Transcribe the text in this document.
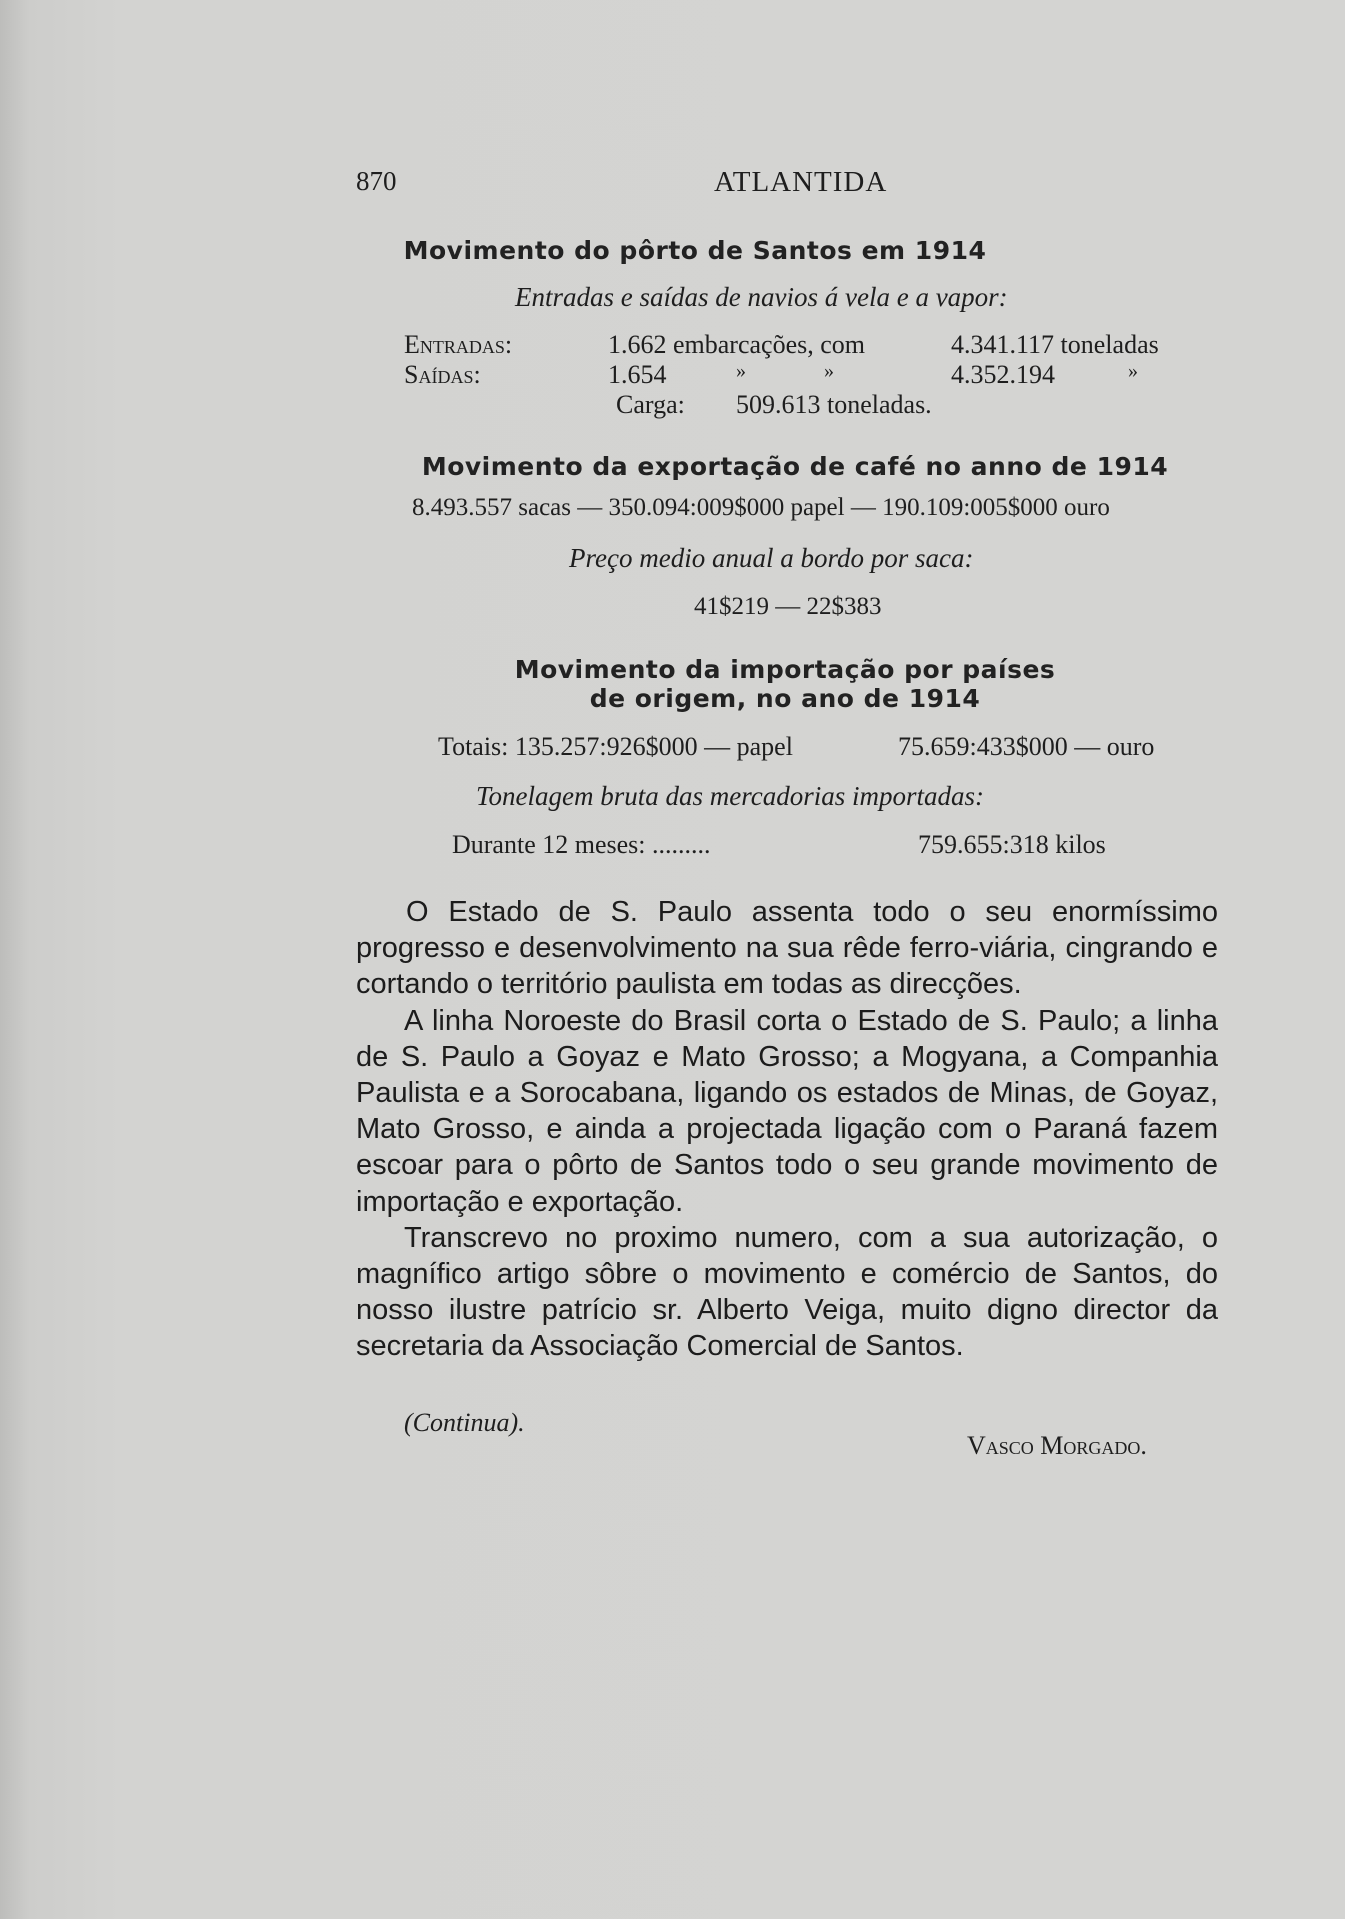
870	ATLANTIDA
Movimento do pôrto de Santos em 1914
Entradas e saídas de navios á vela e a vapor:
Entradas:	1.662 embarcações, com	4.341.117 toneladas
Saídas:	1.654	»	»	4.352.194	»
Carga: 509.613 toneladas.
Movimento da exportação de café no anno de 1914
8.493.557 sacas — 350.094:009$000 papel — 190.109:005$000 ouro
Preço medio anual a bordo por saca:
41$219 — 22$383
Movimento da importação por países
de origem, no ano de 1914
Totais: 135.257:926$000 — papel	75.659:433$000 — ouro
Tonelagem bruta das mercadorias importadas:
Durante 12 meses: .........	759.655:318 kilos

O Estado de S. Paulo assenta todo o seu enormíssimo progresso e desenvolvimento na sua rêde ferro-viária, cingrando e cortando o território paulista em todas as direcções.

A linha Noroeste do Brasil corta o Estado de S. Paulo; a linha de S. Paulo a Goyaz e Mato Grosso; a Mogyana, a Companhia Paulista e a Sorocabana, ligando os estados de Minas, de Goyaz, Mato Grosso, e ainda a projectada ligação com o Paraná fazem escoar para o pôrto de Santos todo o seu grande movimento de importação e exportação.

Transcrevo no proximo numero, com a sua autorização, o magnífico artigo sôbre o movimento e comércio de Santos, do nosso ilustre patrício sr. Alberto Veiga, muito digno director da secretaria da Associação Comercial de Santos.

(Continua).
Vasco Morgado.
